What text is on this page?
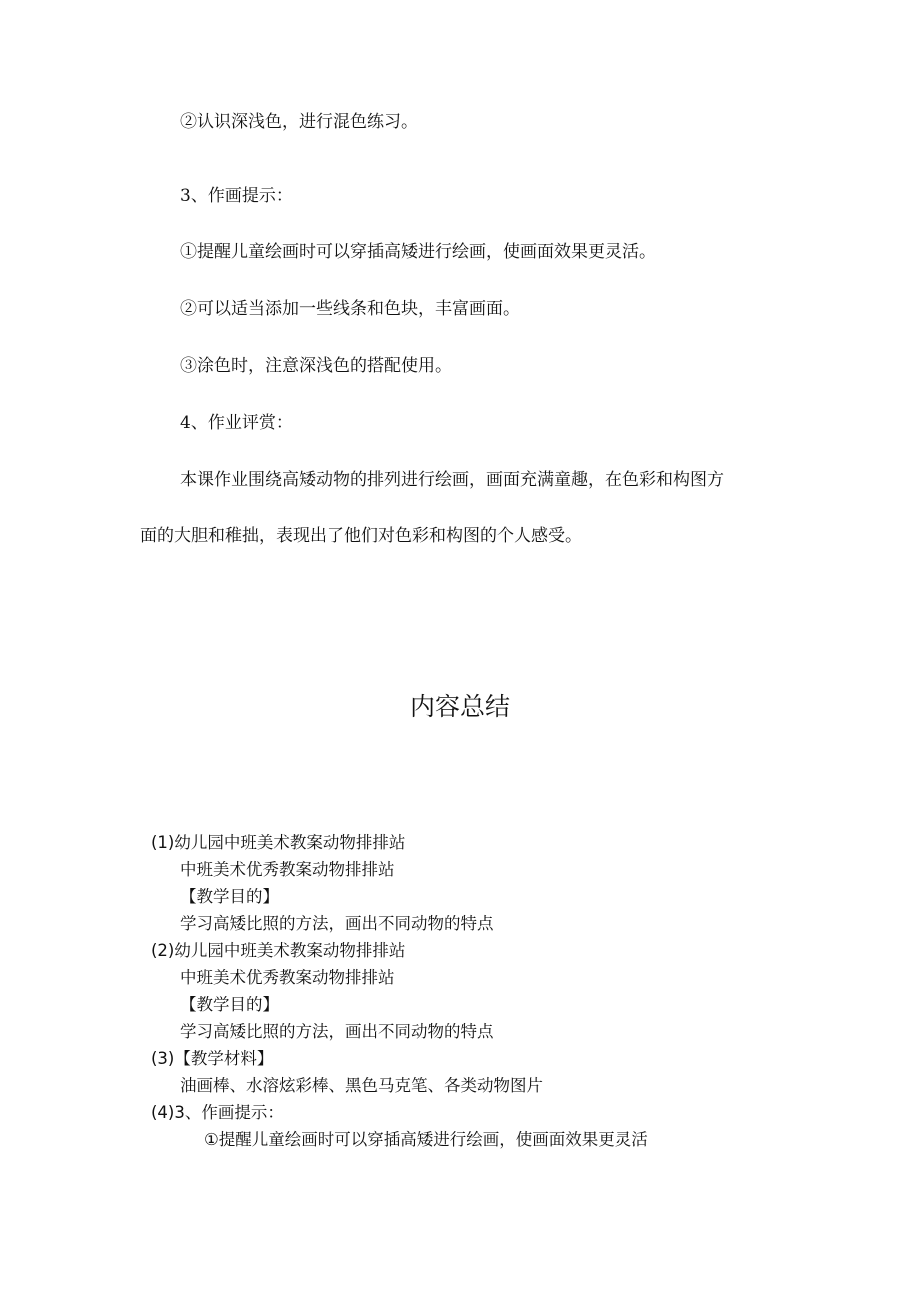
②认识深浅色，进行混色练习。
3、作画提示：
①提醒儿童绘画时可以穿插高矮进行绘画，使画面效果更灵活。
②可以适当添加一些线条和色块，丰富画面。
③涂色时，注意深浅色的搭配使用。
4、作业评赏：
本课作业围绕高矮动物的排列进行绘画，画面充满童趣，在色彩和构图方
面的大胆和稚拙，表现出了他们对色彩和构图的个人感受。
内容总结
(1)幼儿园中班美术教案动物排排站
中班美术优秀教案动物排排站
【教学目的】
学习高矮比照的方法，画出不同动物的特点
(2)幼儿园中班美术教案动物排排站
中班美术优秀教案动物排排站
【教学目的】
学习高矮比照的方法，画出不同动物的特点
(3)【教学材料】
油画棒、水溶炫彩棒、黑色马克笔、各类动物图片
(4)3、作画提示：
①提醒儿童绘画时可以穿插高矮进行绘画，使画面效果更灵活
